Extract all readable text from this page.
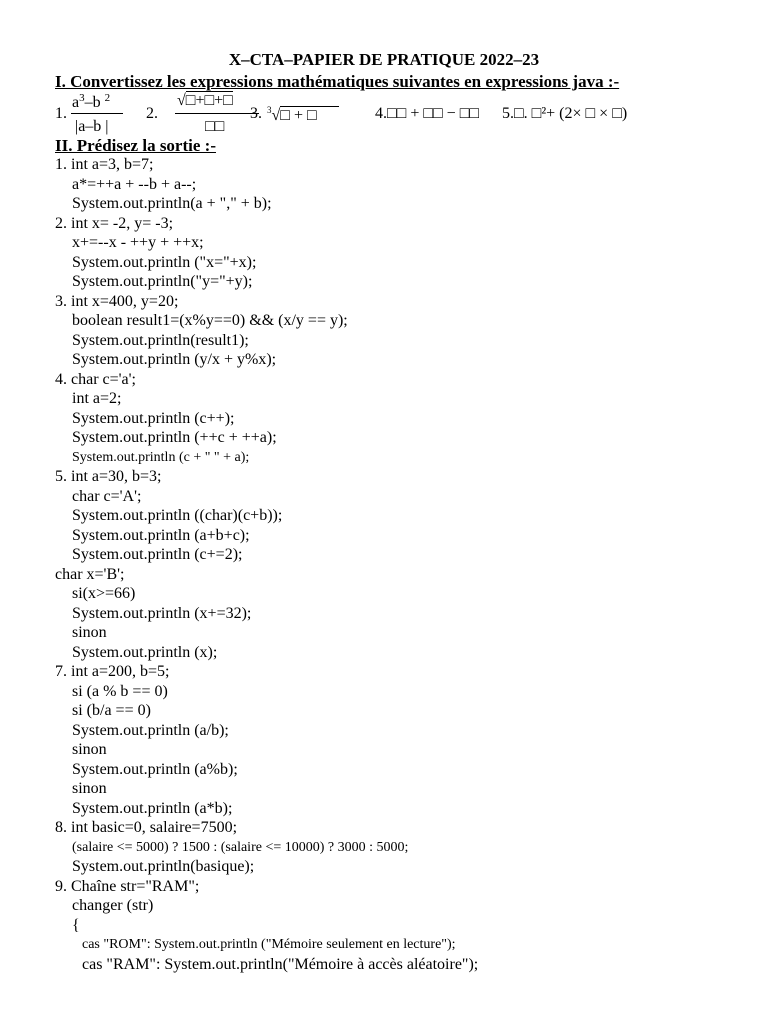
X–CTA–PAPIER DE PRATIQUE 2022–23
I. Convertissez les expressions mathématiques suivantes en expressions java :-
1.
$a^3-b$ $^2$
|a–b |
2.
√□+□+□
□□
3. $^3$√□ + □	4.□□ + □□ − □□ 5.□. □²+ (2× □ × □)
II. Prédisez la sortie :-
1. int a=3, b=7;
a*=++a + --b + a--;
System.out.println(a + "," + b);
2. int x= -2, y= -3;
x+=--x - ++y + ++x;
System.out.println ("x="+x);
System.out.println("y="+y);
3. int x=400, y=20;
boolean result1=(x%y==0) && (x/y == y);
System.out.println(result1);
System.out.println (y/x + y%x);
4. char c='a';
int a=2;
System.out.println (c++);
System.out.println (++c + ++a);
System.out.println (c + " " + a);
5. int a=30, b=3;
char c='A';
System.out.println ((char)(c+b));
System.out.println (a+b+c);
System.out.println (c+=2);
char x='B';
si(x>=66)
System.out.println (x+=32);
sinon
System.out.println (x);
7. int a=200, b=5;
si (a % b == 0)
si (b/a == 0)
System.out.println (a/b);
sinon
System.out.println (a%b);
sinon
System.out.println (a*b);
8. int basic=0, salaire=7500;
(salaire <= 5000) ? 1500 : (salaire <= 10000) ? 3000 : 5000;
System.out.println(basique);
9. Chaîne str="RAM";
changer (str)
{
cas "ROM": System.out.println ("Mémoire seulement en lecture");
cas "RAM": System.out.println("Mémoire à accès aléatoire");
